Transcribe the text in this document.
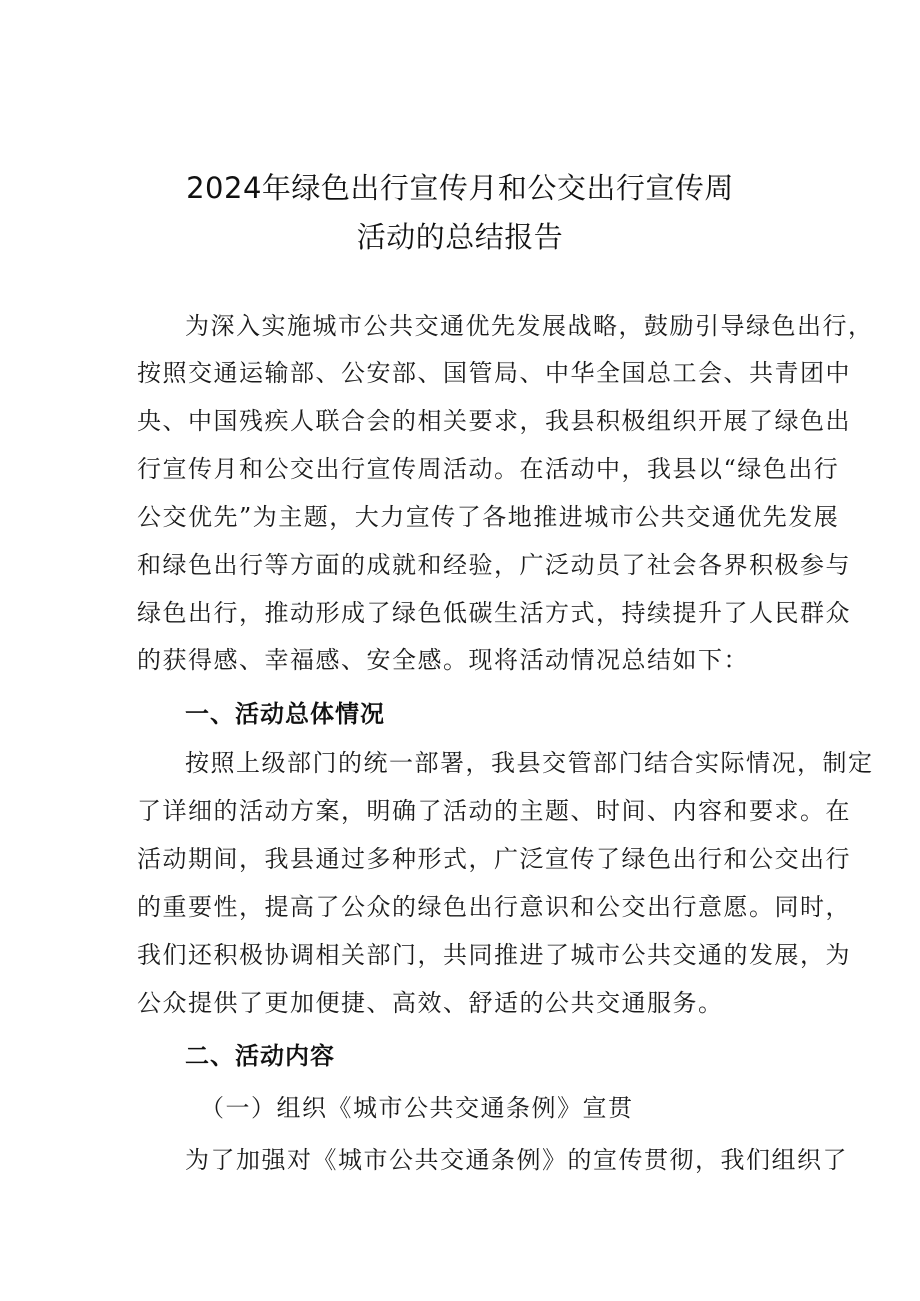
2024年绿色出行宣传月和公交出行宣传周
活动的总结报告
为深入实施城市公共交通优先发展战略，鼓励引导绿色出行，
按照交通运输部、公安部、国管局、中华全国总工会、共青团中
央、中国残疾人联合会的相关要求，我县积极组织开展了绿色出
行宣传月和公交出行宣传周活动。在活动中，我县以“绿色出行
公交优先”为主题，大力宣传了各地推进城市公共交通优先发展
和绿色出行等方面的成就和经验，广泛动员了社会各界积极参与
绿色出行，推动形成了绿色低碳生活方式，持续提升了人民群众
的获得感、幸福感、安全感。现将活动情况总结如下：
一、活动总体情况
按照上级部门的统一部署，我县交管部门结合实际情况，制定
了详细的活动方案，明确了活动的主题、时间、内容和要求。在
活动期间，我县通过多种形式，广泛宣传了绿色出行和公交出行
的重要性，提高了公众的绿色出行意识和公交出行意愿。同时，
我们还积极协调相关部门，共同推进了城市公共交通的发展，为
公众提供了更加便捷、高效、舒适的公共交通服务。
二、活动内容
（一）组织《城市公共交通条例》宣贯
为了加强对《城市公共交通条例》的宣传贯彻，我们组织了
